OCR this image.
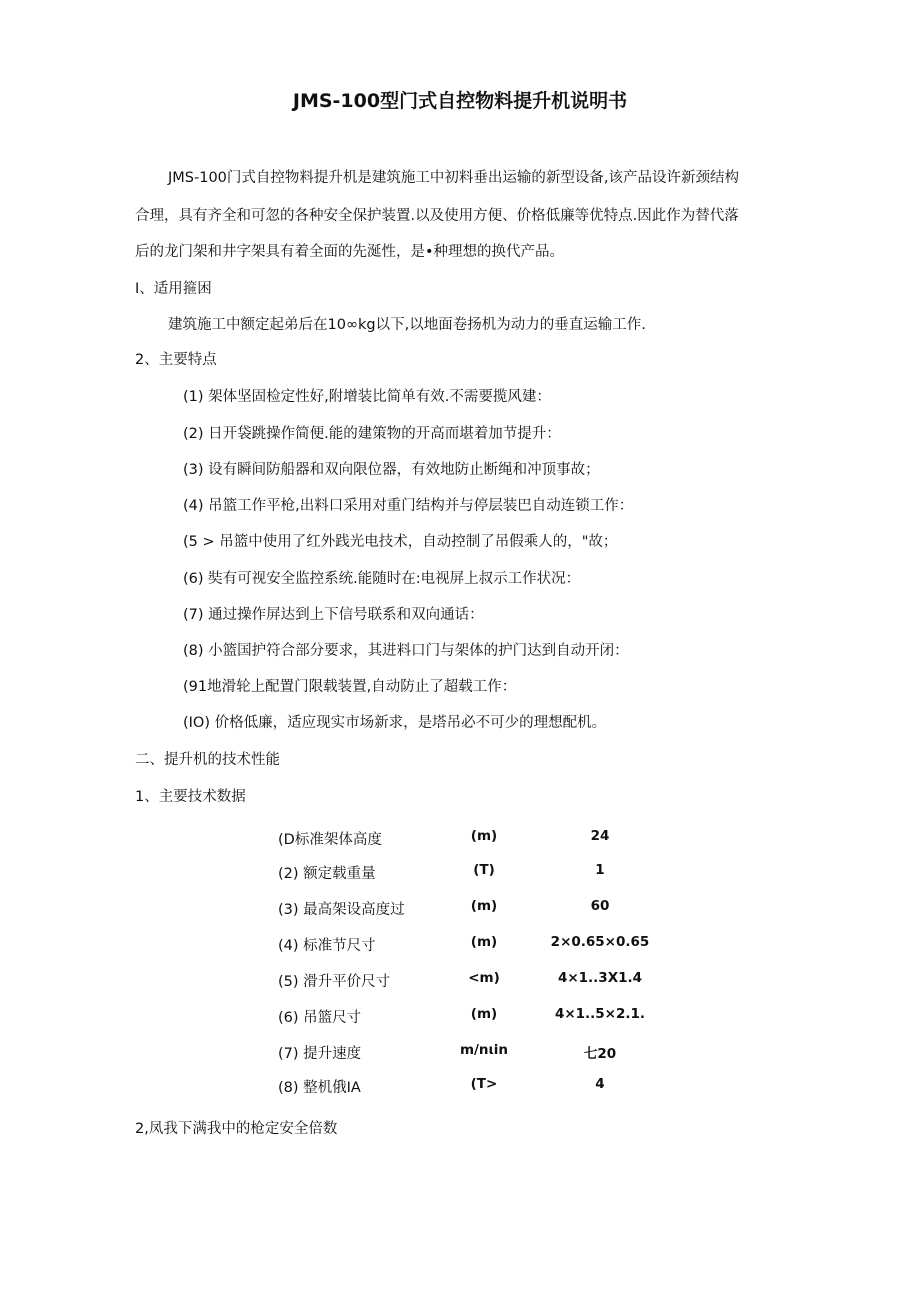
JMS-100型门式自控物料提升机说明书
JMS-100门式自控物料提升机是建筑施工中初料垂出运输的新型设备,该产品设许新颈结构
合理，具有齐全和可忽的各种安全保护装置.以及使用方便、价格低廉等优特点.因此作为替代落
后的龙门架和井字架具有着全面的先涎性，是•种理想的换代产品。
I、适用箍困
建筑施工中额定起弟后在10∞kg以下,以地面卷扬机为动力的垂直运输工作.
2、主要特点
(1) 架体坚固检定性好,附增装比简单有效.不需要揽风建：
(2) 日开袋跳操作简便.能的建策物的开高而堪着加节提升：
(3) 设有瞬间防船器和双向限位器，有效地防止断绳和冲顶事故；
(4) 吊篮工作平枪,出料口采用对重门结构并与停层装巴自动连锁工作：
(5 > 吊篮中使用了红外践光电技术，自动控制了吊假乘人的，"故；
(6) 奘有可视安全监控系统.能随时在:电视屏上叔示工作状况：
(7) 通过操作屏达到上下信号联系和双向通话：
(8) 小篮国护符合部分要求，其进料口门与架体的护门达到自动开闭：
(91地滑轮上配置门限载装置,自动防止了超载工作：
(IO) 价格低廉，适应现实市场新求，是塔吊必不可少的理想配机。
二、提升机的技术性能
1、主要技术数据
(D标准架体高度	(m)	24
(2) 额定载重量	(T)	1
(3) 最高架设高度过	(m)	60
(4) 标准节尺寸	(m)	2×0.65×0.65
(5) 滑升平价尺寸	<m)	4×1..3X1.4
(6) 吊篮尺寸	(m)	4×1..5×2.1.
(7) 提升速度	m/nιin	七20
(8) 整机俄IA	(T>	4
2,凤我下满我中的枪定安全倍数
